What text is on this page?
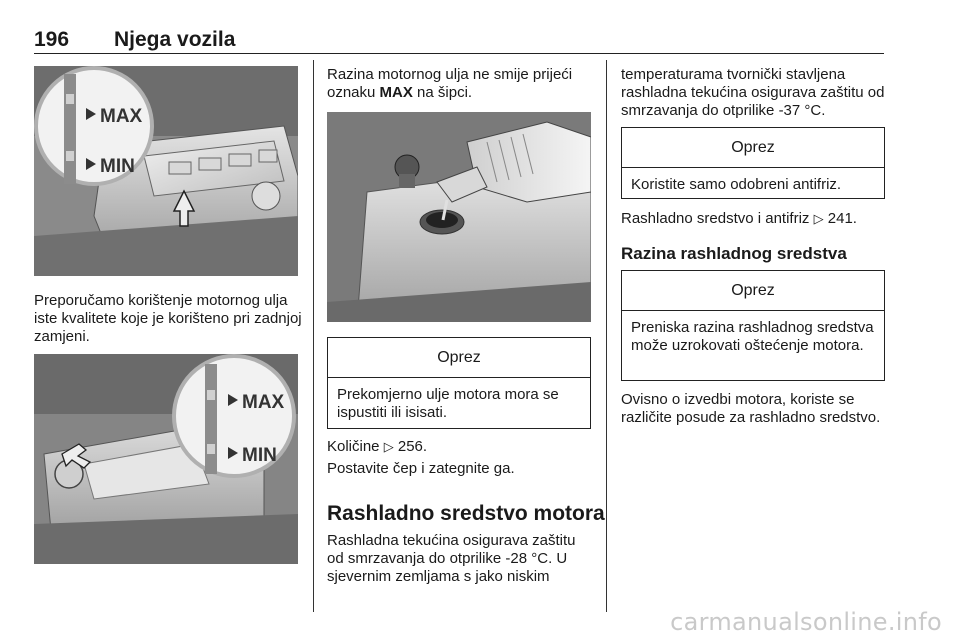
196 Njega vozila
MAX
MIN

Preporučamo korištenje motornog ulja iste kvalitete koje je korišteno pri zadnjoj zamjeni.

MAX
MIN

Razina motornog ulja ne smije prijeći oznaku MAX na šipci.

Oprez
Prekomjerno ulje motora mora se ispustiti ili isisati.

Količine ▷ 256.

Postavite čep i zategnite ga.

Rashladno sredstvo motora

Rashladna tekućina osigurava zaštitu od smrzavanja do otprilike -28 °C. U sjevernim zemljama s jako niskim

temperaturama tvornički stavljena rashladna tekućina osigurava zaštitu od smrzavanja do otprilike -37 °C.

Oprez
Koristite samo odobreni antifriz.

Rashladno sredstvo i antifriz ▷ 241.

Razina rashladnog sredstva
Oprez
Preniska razina rashladnog sredstva može uzrokovati oštećenje motora.

Ovisno o izvedbi motora, koriste se različite posude za rashladno sredstvo.

carmanualsonline.info
